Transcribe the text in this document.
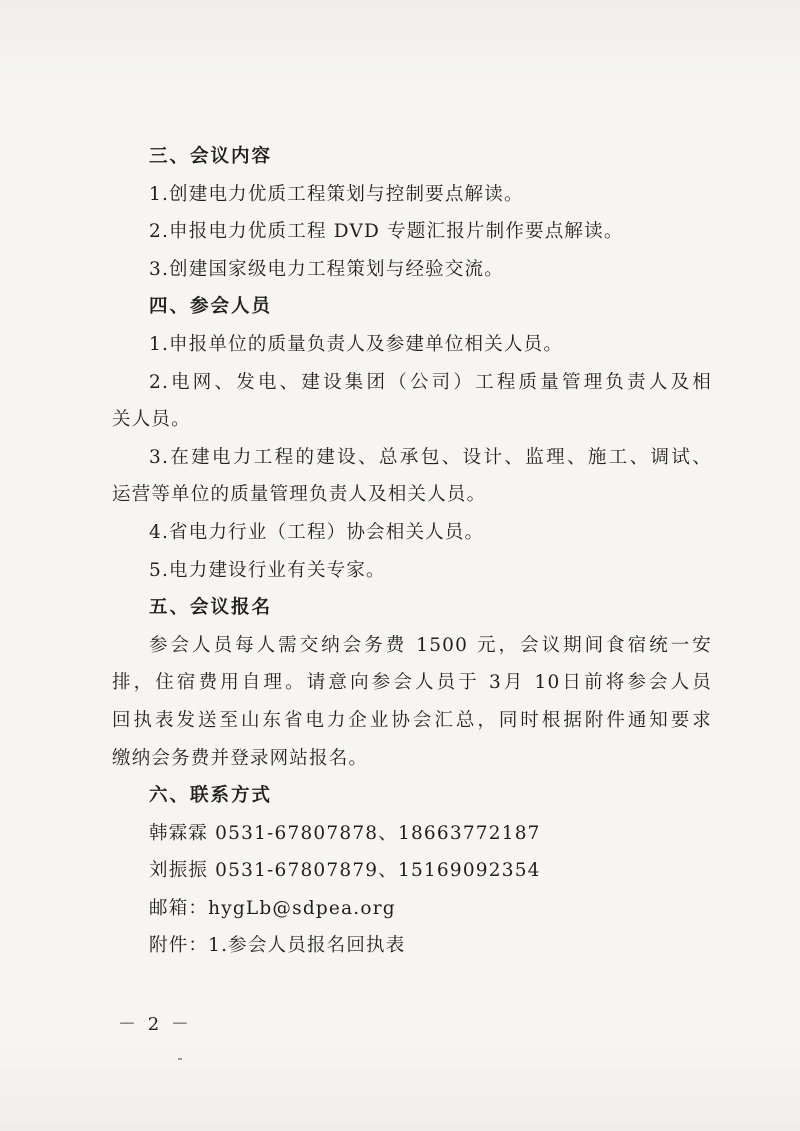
三、会议内容
1.创建电力优质工程策划与控制要点解读。
2.申报电力优质工程 DVD 专题汇报片制作要点解读。
3.创建国家级电力工程策划与经验交流。
四、参会人员
1.申报单位的质量负责人及参建单位相关人员。
2.电网、发电、建设集团（公司）工程质量管理负责人及相
关人员。
3.在建电力工程的建设、总承包、设计、监理、施工、调试、
运营等单位的质量管理负责人及相关人员。
4.省电力行业（工程）协会相关人员。
5.电力建设行业有关专家。
五、会议报名
参会人员每人需交纳会务费 1500 元，会议期间食宿统一安
排，住宿费用自理。请意向参会人员于 3月 10日前将参会人员
回执表发送至山东省电力企业协会汇总，同时根据附件通知要求
缴纳会务费并登录网站报名。
六、联系方式
韩霖霖 0531-67807878、18663772187
刘振振 0531-67807879、15169092354
邮箱：hygLb@sdpea.org
附件：1.参会人员报名回执表
－ 2 －
